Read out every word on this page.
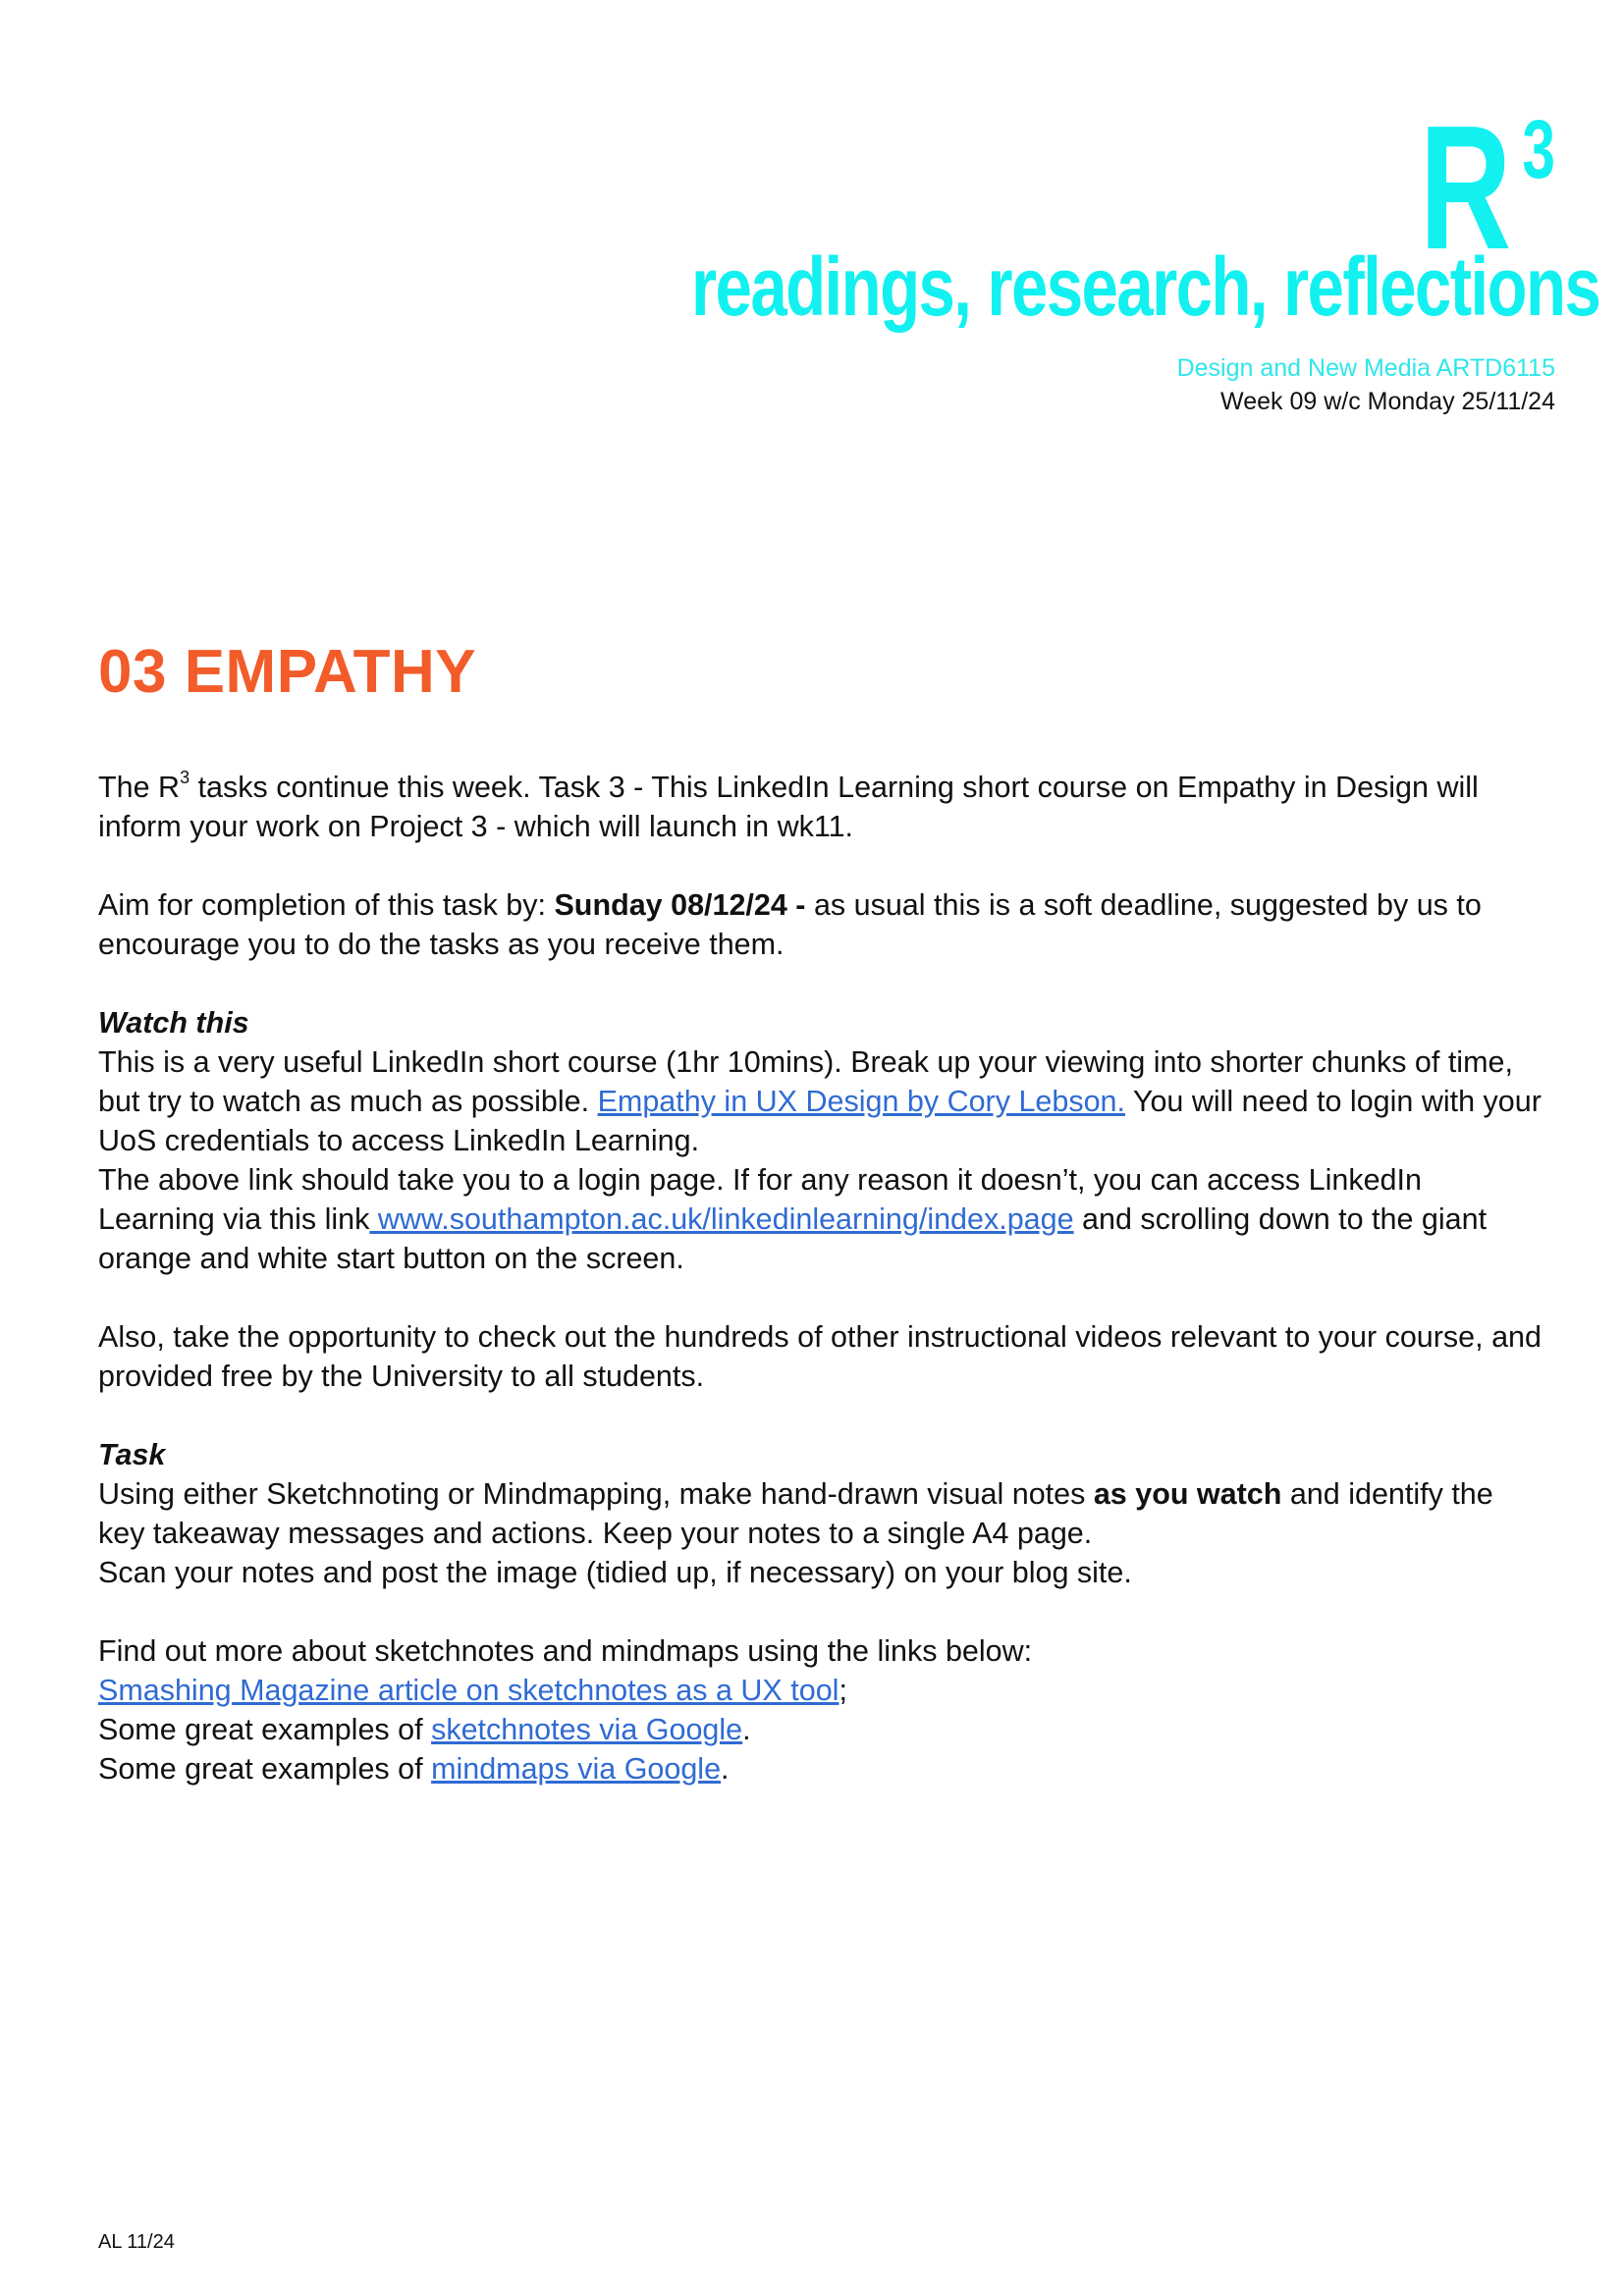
R 3
readings, research, reflections
Design and New Media ARTD6115
Week 09 w/c Monday 25/11/24
03 EMPATHY

The $R^3$ tasks continue this week. Task 3 - This LinkedIn Learning short course on Empathy in Design will inform your work on Project 3 - which will launch in wk11.

Aim for completion of this task by: Sunday 08/12/24 - as usual this is a soft deadline, suggested by us to encourage you to do the tasks as you receive them.

Watch this
This is a very useful LinkedIn short course (1hr 10mins). Break up your viewing into shorter chunks of time, but try to watch as much as possible. Empathy in UX Design by Cory Lebson. You will need to login with your UoS credentials to access LinkedIn Learning.
The above link should take you to a login page. If for any reason it doesn’t, you can access LinkedIn Learning via this link www.southampton.ac.uk/linkedinlearning/index.page and scrolling down to the giant orange and white start button on the screen.

Also, take the opportunity to check out the hundreds of other instructional videos relevant to your course, and provided free by the University to all students.

Task
Using either Sketchnoting or Mindmapping, make hand-drawn visual notes as you watch and identify the key takeaway messages and actions. Keep your notes to a single A4 page.
Scan your notes and post the image (tidied up, if necessary) on your blog site.

Find out more about sketchnotes and mindmaps using the links below:
Smashing Magazine article on sketchnotes as a UX tool;
Some great examples of sketchnotes via Google.
Some great examples of mindmaps via Google.

AL 11/24
